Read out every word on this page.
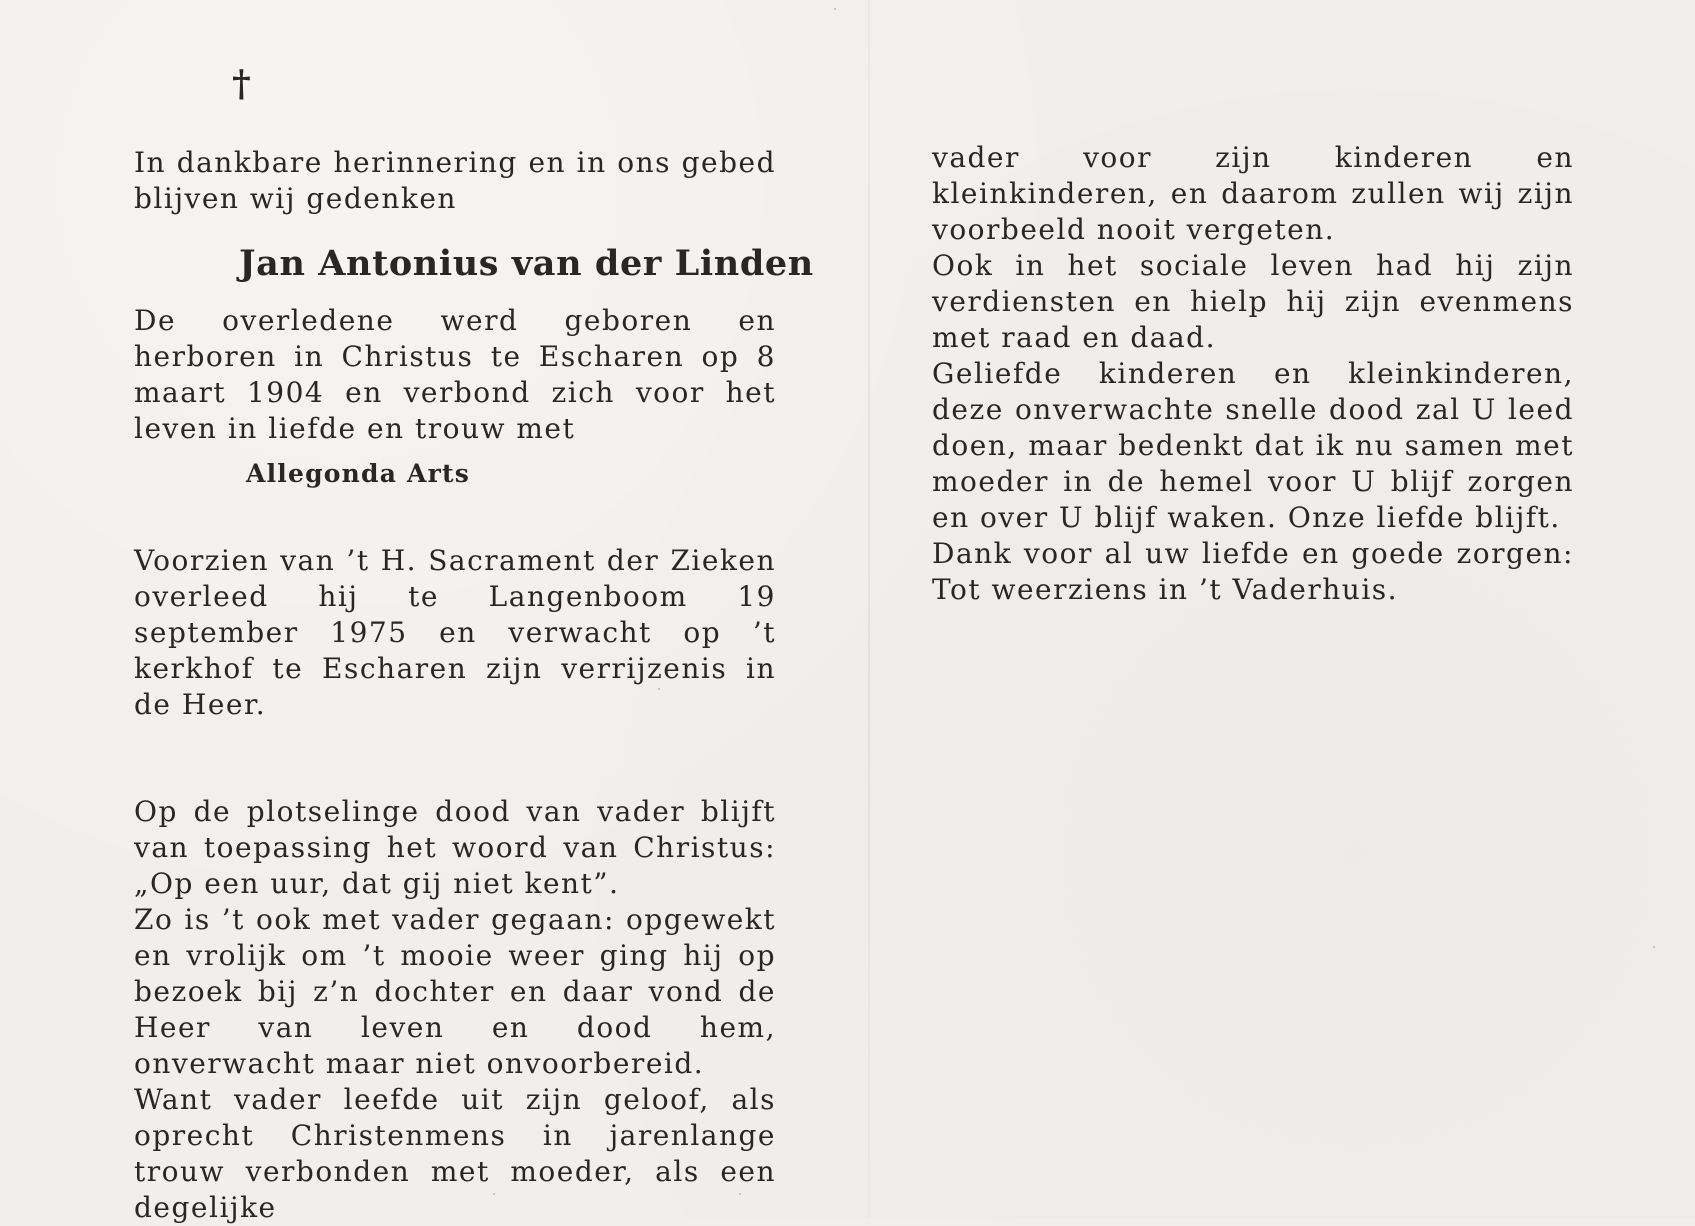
†

In dankbare herinnering en in ons gebed blijven wij gedenken

Jan Antonius van der Linden

De overledene werd geboren en herboren in Christus te Escharen op 8 maart 1904 en verbond zich voor het leven in liefde en trouw met

Allegonda Arts

Voorzien van ’t H. Sacrament der Zieken overleed hij te Langenboom 19 september 1975 en verwacht op ’t kerkhof te Escharen zijn verrijzenis in de Heer.

Op de plotselinge dood van vader blijft van toepassing het woord van Christus: „Op een uur, dat gij niet kent”.

Zo is ’t ook met vader gegaan: opgewekt en vrolijk om ’t mooie weer ging hij op bezoek bij z’n dochter en daar vond de Heer van leven en dood hem, onverwacht maar niet onvoorbereid.

Want vader leefde uit zijn geloof, als oprecht Christenmens in jarenlange trouw verbonden met moeder, als een degelijke

vader voor zijn kinderen en kleinkinderen, en daarom zullen wij zijn voorbeeld nooit vergeten.

Ook in het sociale leven had hij zijn verdiensten en hielp hij zijn evenmens met raad en daad.

Geliefde kinderen en kleinkinderen, deze onverwachte snelle dood zal U leed doen, maar bedenkt dat ik nu samen met moeder in de hemel voor U blijf zorgen en over U blijf waken. Onze liefde blijft.

Dank voor al uw liefde en goede zorgen: Tot weerziens in ’t Vaderhuis.
